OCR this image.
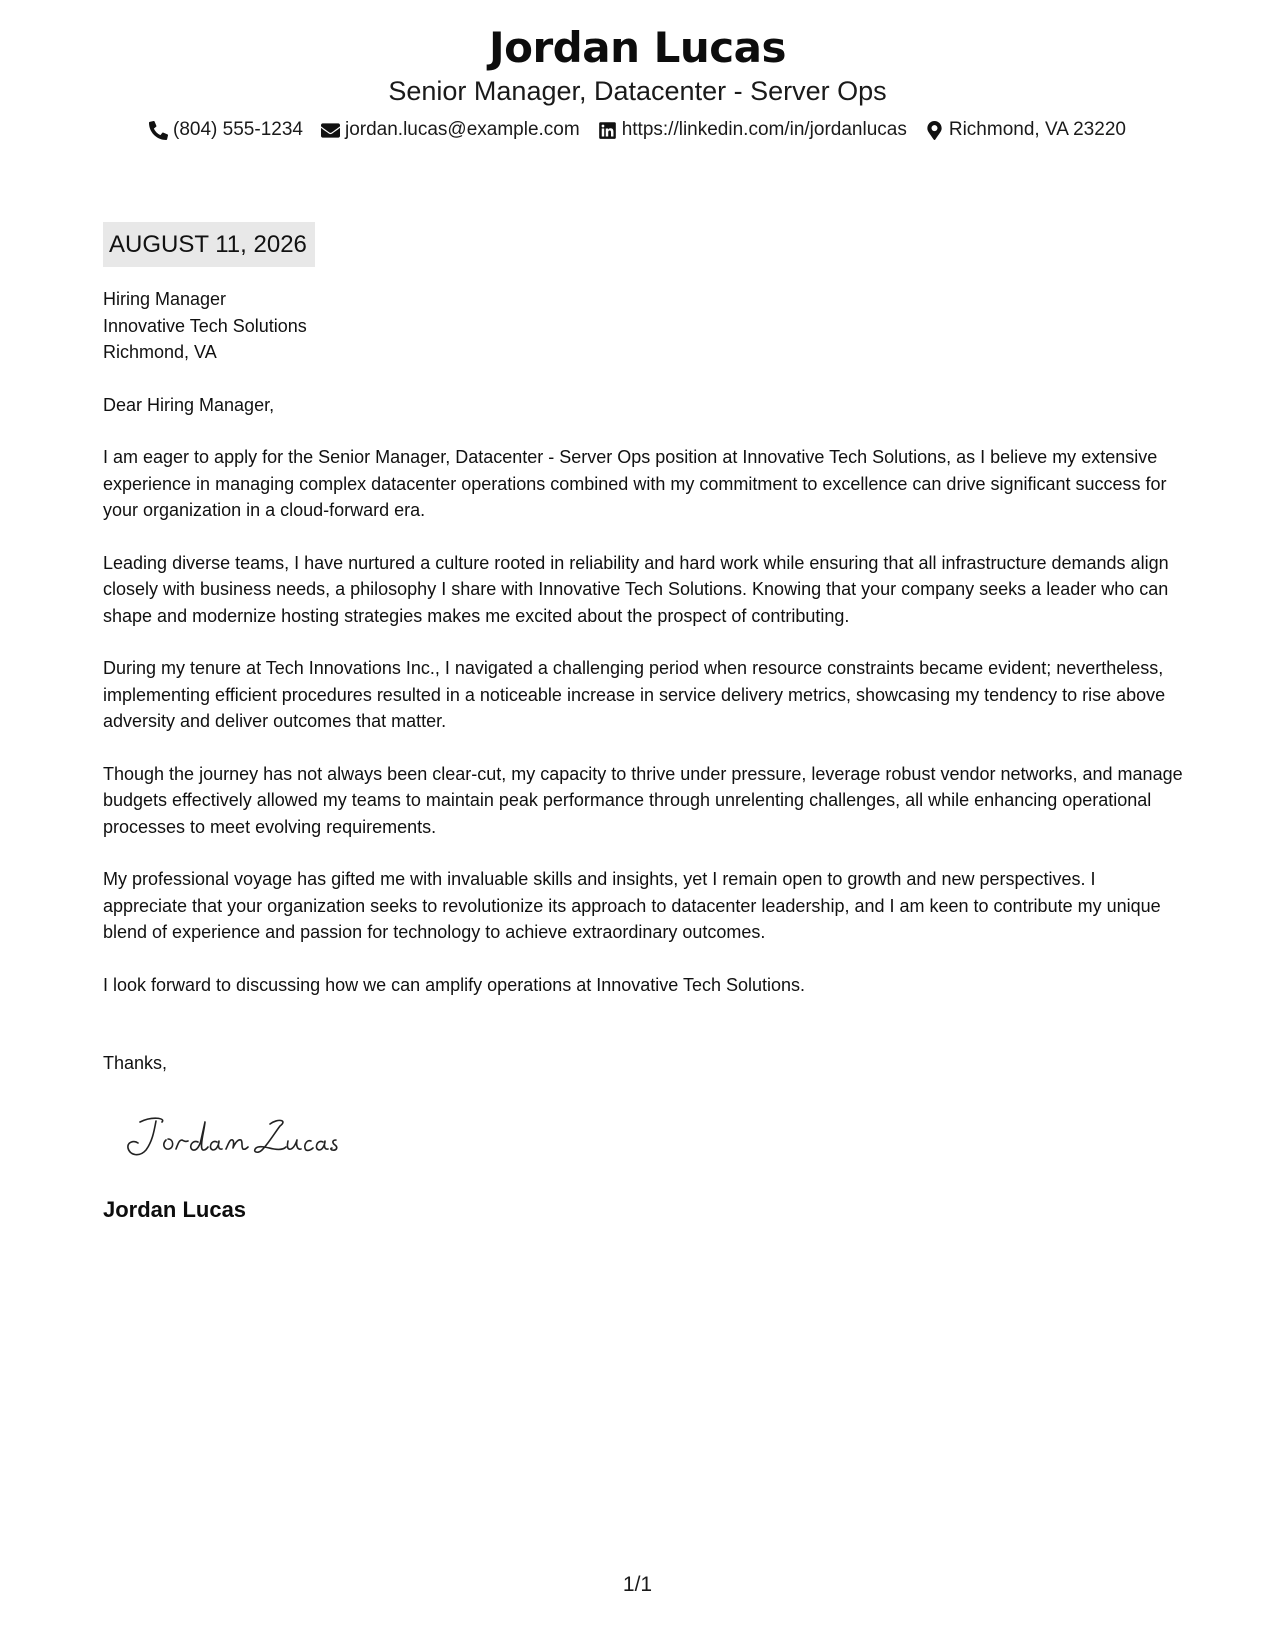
Jordan Lucas
Senior Manager, Datacenter - Server Ops
(804) 555-1234 jordan.lucas@example.com https://linkedin.com/in/jordanlucas Richmond, VA 23220
AUGUST 11, 2026
Hiring Manager
Innovative Tech Solutions
Richmond, VA
Dear Hiring Manager,

I am eager to apply for the Senior Manager, Datacenter - Server Ops position at Innovative Tech Solutions, as I believe my extensive experience in managing complex datacenter operations combined with my commitment to excellence can drive significant success for your organization in a cloud-forward era.

Leading diverse teams, I have nurtured a culture rooted in reliability and hard work while ensuring that all infrastructure demands align closely with business needs, a philosophy I share with Innovative Tech Solutions. Knowing that your company seeks a leader who can shape and modernize hosting strategies makes me excited about the prospect of contributing.

During my tenure at Tech Innovations Inc., I navigated a challenging period when resource constraints became evident; nevertheless, implementing efficient procedures resulted in a noticeable increase in service delivery metrics, showcasing my tendency to rise above adversity and deliver outcomes that matter.

Though the journey has not always been clear-cut, my capacity to thrive under pressure, leverage robust vendor networks, and manage budgets effectively allowed my teams to maintain peak performance through unrelenting challenges, all while enhancing operational processes to meet evolving requirements.

My professional voyage has gifted me with invaluable skills and insights, yet I remain open to growth and new perspectives. I appreciate that your organization seeks to revolutionize its approach to datacenter leadership, and I am keen to contribute my unique blend of experience and passion for technology to achieve extraordinary outcomes.

I look forward to discussing how we can amplify operations at Innovative Tech Solutions.

Thanks,
Jordan Lucas
1/1
